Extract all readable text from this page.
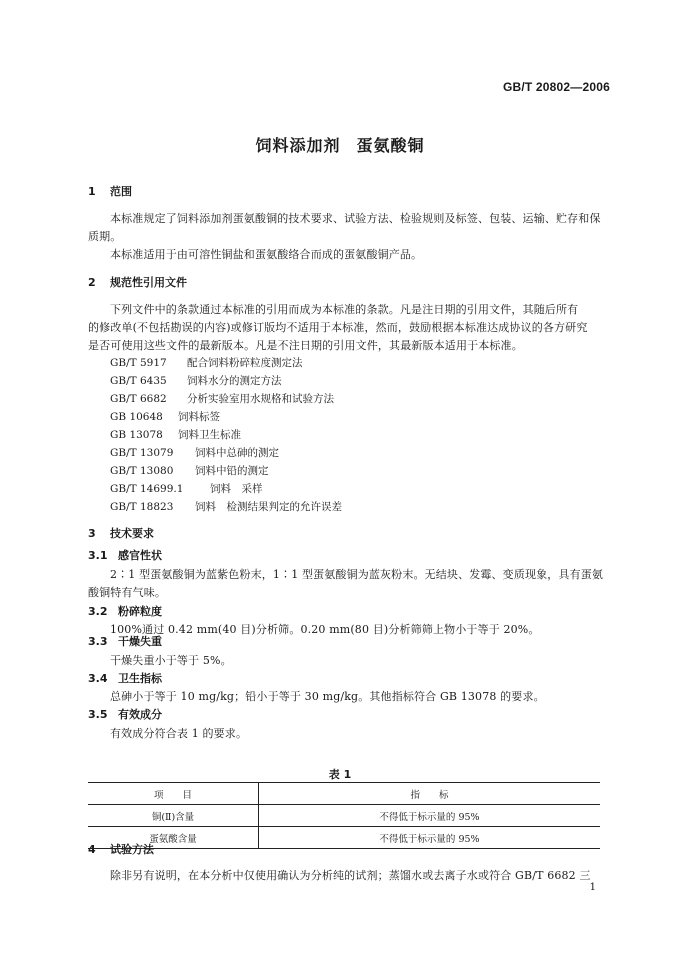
GB/T 20802—2006
饲料添加剂 蛋氨酸铜
1 范围
本标准规定了饲料添加剂蛋氨酸铜的技术要求、试验方法、检验规则及标签、包装、运输、贮存和保
质期。
本标准适用于由可溶性铜盐和蛋氨酸络合而成的蛋氨酸铜产品。
2 规范性引用文件
下列文件中的条款通过本标准的引用而成为本标准的条款。凡是注日期的引用文件，其随后所有
的修改单(不包括勘误的内容)或修订版均不适用于本标准，然而，鼓励根据本标准达成协议的各方研究
是否可使用这些文件的最新版本。凡是不注日期的引用文件，其最新版本适用于本标准。
GB/T 5917 配合饲料粉碎粒度测定法
GB/T 6435 饲料水分的测定方法
GB/T 6682 分析实验室用水规格和试验方法
GB 10648 饲料标签
GB 13078 饲料卫生标准
GB/T 13079 饲料中总砷的测定
GB/T 13080 饲料中铅的测定
GB/T 14699.1	饲料　采样
GB/T 18823 饲料　检测结果判定的允许误差
3 技术要求
3.1 感官性状
2∶1 型蛋氨酸铜为蓝紫色粉末，1∶1 型蛋氨酸铜为蓝灰粉末。无结块、发霉、变质现象，具有蛋氨
酸铜特有气味。
3.2 粉碎粒度
100%通过 0.42 mm(40 目)分析筛。0.20 mm(80 目)分析筛筛上物小于等于 20%。
3.3 干燥失重
干燥失重小于等于 5%。
3.4 卫生指标
总砷小于等于 10 mg/kg；铅小于等于 30 mg/kg。其他指标符合 GB 13078 的要求。
3.5 有效成分
有效成分符合表 1 的要求。
表 1
项　　目	指　　标
铜(Ⅱ)含量	不得低于标示量的 95%
蛋氨酸含量	不得低于标示量的 95%
4 试验方法
除非另有说明，在本分析中仅使用确认为分析纯的试剂；蒸馏水或去离子水或符合 GB/T 6682 三
1
